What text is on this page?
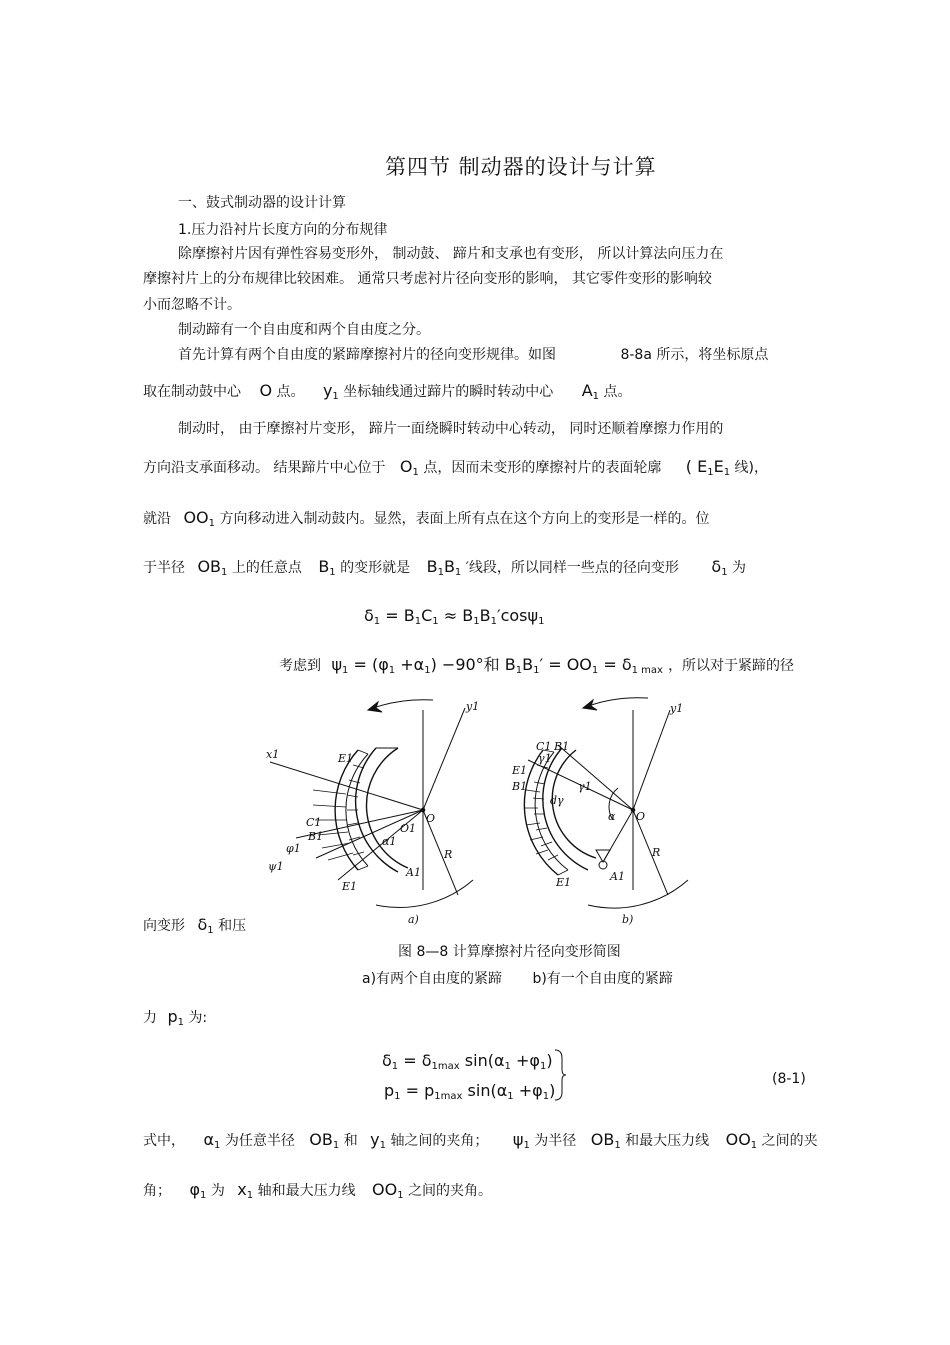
第四节 制动器的设计与计算
一、鼓式制动器的设计计算
1.压力沿衬片长度方向的分布规律
除摩擦衬片因有弹性容易变形外， 制动鼓、 蹄片和支承也有变形， 所以计算法向压力在
摩擦衬片上的分布规律比较困难。 通常只考虑衬片径向变形的影响， 其它零件变形的影响较
小而忽略不计。
制动蹄有一个自由度和两个自由度之分。
首先计算有两个自由度的紧蹄摩擦衬片的径向变形规律。如图	8-8a 所示，将坐标原点
取在制动鼓中心 O 点。 $y_1$ 坐标轴线通过蹄片的瞬时转动中心 $A_1$ 点。
制动时， 由于摩擦衬片变形， 蹄片一面绕瞬时转动中心转动， 同时还顺着摩擦力作用的
方向沿支承面移动。 结果蹄片中心位于 $O_1$ 点，因而未变形的摩擦衬片的表面轮廓 ( $E_1E_1$ 线)，
就沿 $OO_1$ 方向移动进入制动鼓内。显然，表面上所有点在这个方向上的变形是一样的。位
于半径 $OB_1$ 上的任意点 $B_1$ 的变形就是 $B_1B_1$ ′线段，所以同样一些点的径向变形 $\delta_1$ 为
$\delta_1 = B_1C_1 \approx B_1B_1'\cos\psi_1$
考虑到 $\psi_1 = (\varphi_1 +\alpha_1) -90^\circ$和 $B_1B_1' = OO_1 = \delta_{1 max}$ ，所以对于紧蹄的径
x1
y1
E1
C1
B1
φ1
ψ1
O
O1
α1
A1
E1
R
a)
y1
C1 B1
γ1
E1
B1
dγ
γ1
α O
A1
E1
R
b)
向变形 $\delta_1$ 和压
图 8—8 计算摩擦衬片径向变形简图
a)有两个自由度的紧蹄 b)有一个自由度的紧蹄
力 $p_1$ 为:
$\delta_1 = \delta_{1max}$ $\sin(\alpha_1 +\varphi_1)$
$p_1 = p_{1max}$ $\sin(\alpha_1 +\varphi_1)$
(8-1)
式中， $\alpha_1$ 为任意半径 $OB_1$ 和 $y_1$ 轴之间的夹角； $\psi_1$ 为半径 $OB_1$ 和最大压力线 $OO_1$ 之间的夹
角； $\varphi_1$ 为 $x_1$ 轴和最大压力线 $OO_1$ 之间的夹角。
